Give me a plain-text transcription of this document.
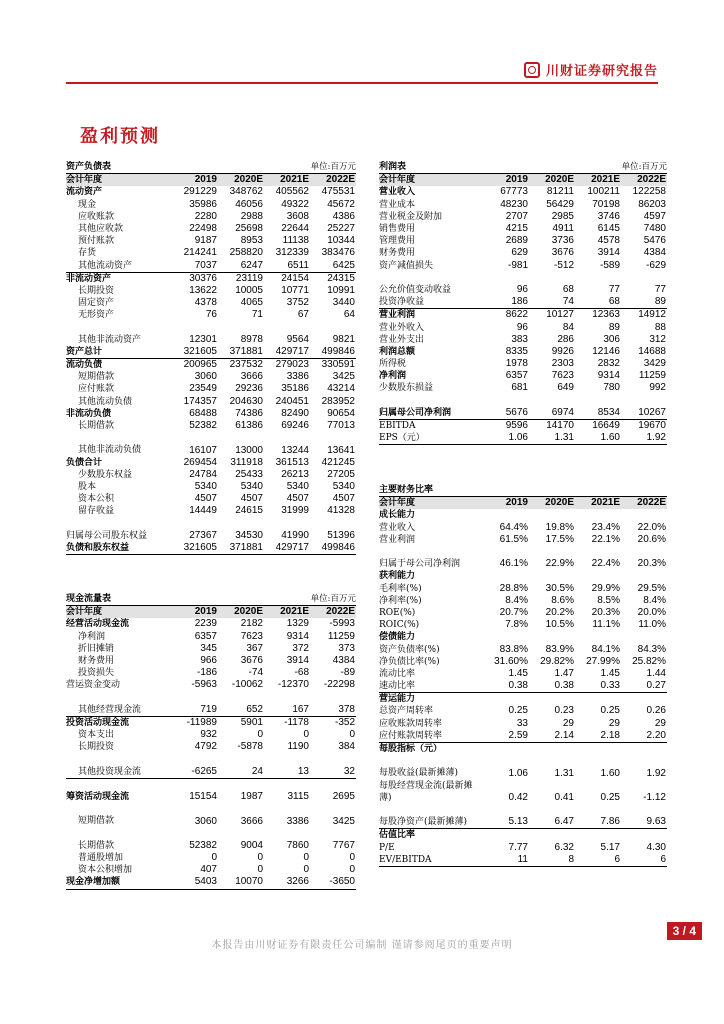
川财证券研究报告
盈利预测
资产负债表	单位:百万元			
会计年度	2019	2020E	2021E	2022E
流动资产	291229	348762	405562	475531
现金	35986	46056	49322	45672
应收账款	2280	2988	3608	4386
其他应收款	22498	25698	22644	25227
预付账款	9187	8953	11138	10344
存货	214241	258820	312339	383476
其他流动资产	7037	6247	6511	6425
非流动资产	30376	23119	24154	24315
长期投资	13622	10005	10771	10991
固定资产	4378	4065	3752	3440
无形资产	76	71	67	64
其他非流动资产	12301	8978	9564	9821
资产总计	321605	371881	429717	499846
流动负债	200965	237532	279023	330591
短期借款	3060	3666	3386	3425
应付账款	23549	29236	35186	43214
其他流动负债	174357	204630	240451	283952
非流动负债	68488	74386	82490	90654
长期借款	52382	61386	69246	77013
其他非流动负债	16107	13000	13244	13641
负债合计	269454	311918	361513	421245
少数股东权益	24784	25433	26213	27205
股本	5340	5340	5340	5340
资本公积	4507	4507	4507	4507
留存收益	14449	24615	31999	41328
归属母公司股东权益	27367	34530	41990	51396
负债和股东权益	321605	371881	429717	499846
现金流量表	单位:百万元			
会计年度	2019	2020E	2021E	2022E
经营活动现金流	2239	2182	1329	-5993
净利润	6357	7623	9314	11259
折旧摊销	345	367	372	373
财务费用	966	3676	3914	4384
投资损失	-186	-74	-68	-89
营运资金变动	-5963	-10062	-12370	-22298
其他经营现金流	719	652	167	378
投资活动现金流	-11989	5901	-1178	-352
资本支出	932	0	0	0
长期投资	4792	-5878	1190	384
其他投资现金流	-6265	24	13	32
筹资活动现金流	15154	1987	3115	2695
短期借款	3060	3666	3386	3425
长期借款	52382	9004	7860	7767
普通股增加	0	0	0	0
资本公积增加	407	0	0	0
现金净增加额	5403	10070	3266	-3650
利润表	单位:百万元			
会计年度	2019	2020E	2021E	2022E
营业收入	67773	81211	100211	122258
营业成本	48230	56429	70198	86203
营业税金及附加	2707	2985	3746	4597
销售费用	4215	4911	6145	7480
管理费用	2689	3736	4578	5476
财务费用	629	3676	3914	4384
资产减值损失	-981	-512	-589	-629
公允价值变动收益	96	68	77	77
投资净收益	186	74	68	89
营业利润	8622	10127	12363	14912
营业外收入	96	84	89	88
营业外支出	383	286	306	312
利润总额	8335	9926	12146	14688
所得税	1978	2303	2832	3429
净利润	6357	7623	9314	11259
少数股东损益	681	649	780	992
归属母公司净利润	5676	6974	8534	10267
EBITDA	9596	14170	16649	19670
EPS（元）	1.06	1.31	1.60	1.92
主要财务比率				
会计年度	2019	2020E	2021E	2022E
成长能力				
营业收入	64.4%	19.8%	23.4%	22.0%
营业利润	61.5%	17.5%	22.1%	20.6%
归属于母公司净利润	46.1%	22.9%	22.4%	20.3%
获利能力				
毛利率(%)	28.8%	30.5%	29.9%	29.5%
净利率(%)	8.4%	8.6%	8.5%	8.4%
ROE(%)	20.7%	20.2%	20.3%	20.0%
ROIC(%)	7.8%	10.5%	11.1%	11.0%
偿债能力				
资产负债率(%)	83.8%	83.9%	84.1%	84.3%
净负债比率(%)	31.60%	29.82%	27.99%	25.82%
流动比率	1.45	1.47	1.45	1.44
速动比率	0.38	0.38	0.33	0.27
营运能力				
总资产周转率	0.25	0.23	0.25	0.26
应收账款周转率	33	29	29	29
应付账款周转率	2.59	2.14	2.18	2.20
每股指标（元）				
每股收益(最新摊薄)	1.06	1.31	1.60	1.92
每股经营现金流(最新摊薄)	0.42	0.41	0.25	-1.12
每股净资产(最新摊薄)	5.13	6.47	7.86	9.63
估值比率				
P/E	7.77	6.32	5.17	4.30
EV/EBITDA	11	8	6	6
本报告由川财证券有限责任公司编制 谨请参阅尾页的重要声明
3 / 4
